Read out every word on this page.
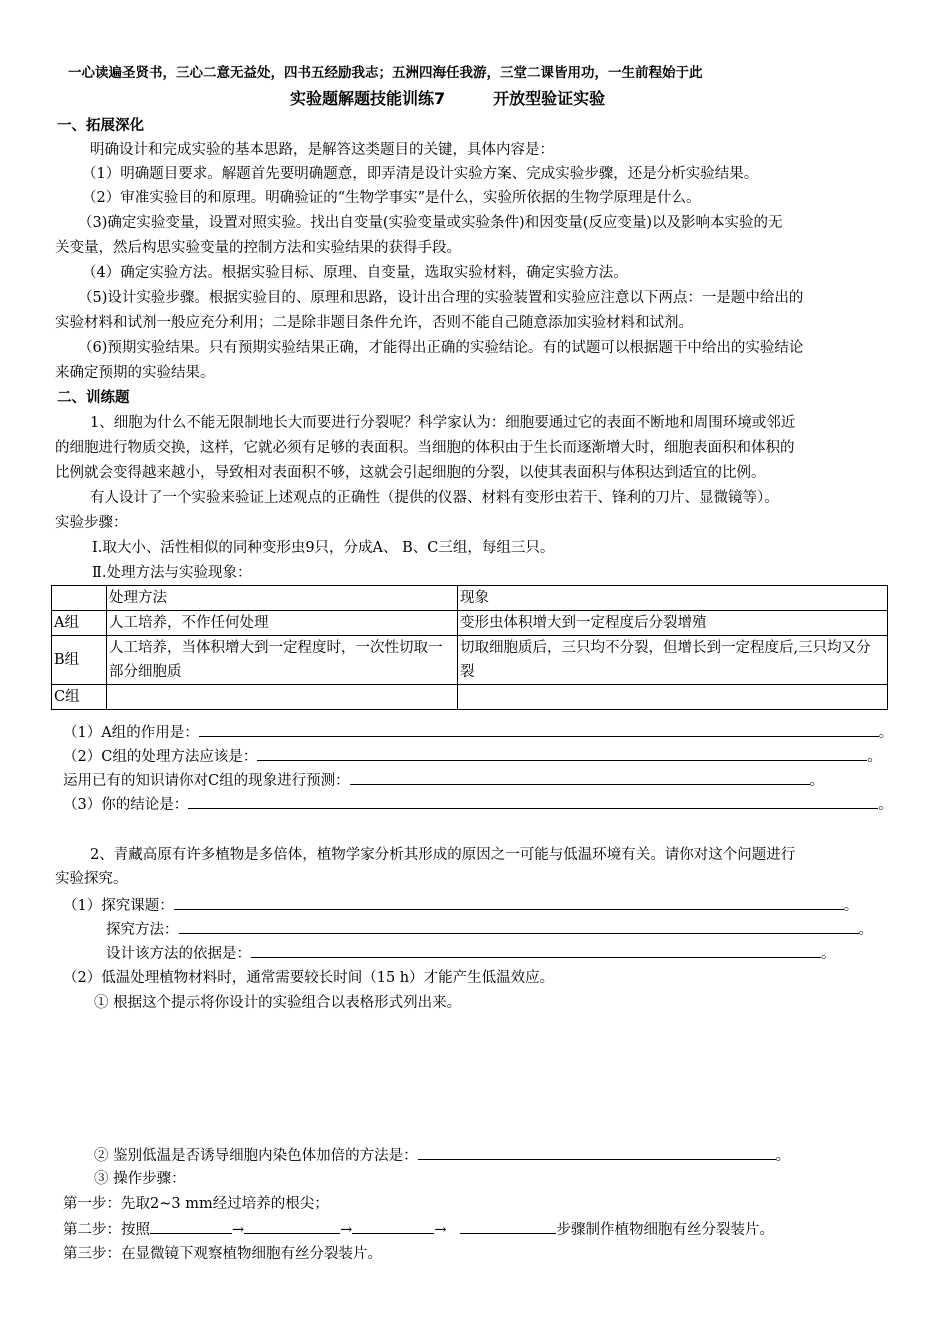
一心读遍圣贤书，三心二意无益处，四书五经励我志；五洲四海任我游，三堂二课皆用功，一生前程始于此
实验题解题技能训练7　　　开放型验证实验
一、拓展深化
明确设计和完成实验的基本思路，是解答这类题目的关键，具体内容是：
（1）明确题目要求。解题首先要明确题意，即弄清是设计实验方案、完成实验步骤，还是分析实验结果。
（2）审准实验目的和原理。明确验证的“生物学事实”是什么，实验所依据的生物学原理是什么。
（3)确定实验变量，设置对照实验。找出自变量(实验变量或实验条件)和因变量(反应变量)以及影响本实验的无
关变量，然后构思实验变量的控制方法和实验结果的获得手段。
（4）确定实验方法。根据实验目标、原理、自变量，选取实验材料，确定实验方法。
（5)设计实验步骤。根据实验目的、原理和思路，设计出合理的实验装置和实验应注意以下两点：一是题中给出的
实验材料和试剂一般应充分利用；二是除非题目条件允许，否则不能自己随意添加实验材料和试剂。
（6)预期实验结果。只有预期实验结果正确，才能得出正确的实验结论。有的试题可以根据题干中给出的实验结论
来确定预期的实验结果。
二、训练题
1、细胞为什么不能无限制地长大而要进行分裂呢？科学家认为：细胞要通过它的表面不断地和周围环境或邻近
的细胞进行物质交换，这样，它就必须有足够的表面积。当细胞的体积由于生长而逐渐增大时，细胞表面积和体积的
比例就会变得越来越小，导致相对表面积不够，这就会引起细胞的分裂，以使其表面积与体积达到适宜的比例。
有人设计了一个实验来验证上述观点的正确性（提供的仪器、材料有变形虫若干、锋利的刀片、显微镜等）。
实验步骤：
Ⅰ.取大小、活性相似的同种变形虫9只，分成A、 B、C三组，每组三只。
Ⅱ.处理方法与实验现象：
	处理方法	现象
A组	人工培养，不作任何处理	变形虫体积增大到一定程度后分裂增殖
B组	人工培养，当体积增大到一定程度时，一次性切取一部分细胞质	切取细胞质后，三只均不分裂，但增长到一定程度后,三只均又分裂
C组		
（1）A组的作用是：	。
（2）C组的处理方法应该是：	。
运用已有的知识请你对C组的现象进行预测：	。
（3）你的结论是：	。
2、青藏高原有许多植物是多倍体，植物学家分析其形成的原因之一可能与低温环境有关。请你对这个问题进行
实验探究。
（1）探究课题：	。
探究方法：	。
设计该方法的依据是：	。
（2）低温处理植物材料时，通常需要较长时间（15 h）才能产生低温效应。
① 根据这个提示将你设计的实验组合以表格形式列出来。
② 鉴别低温是否诱导细胞内染色体加倍的方法是：	。
③ 操作步骤：
第一步：先取2~3 mm经过培养的根尖；
第二步：按照	→	→	→	步骤制作植物细胞有丝分裂装片。
第三步：在显微镜下观察植物细胞有丝分裂装片。
